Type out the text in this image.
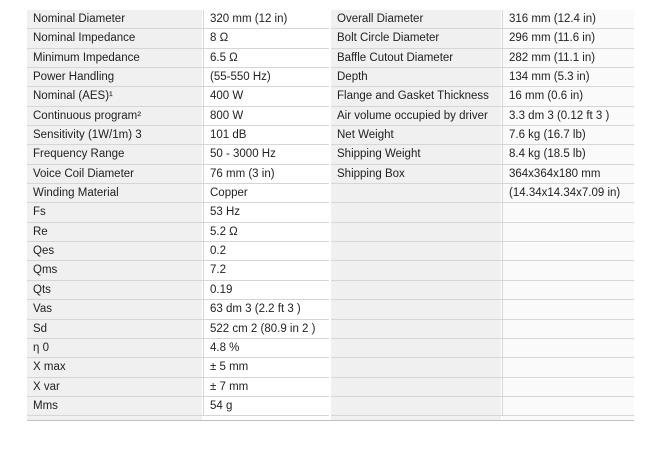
Nominal Diameter	320 mm (12 in)
Nominal Impedance	8 Ω
Minimum Impedance	6.5 Ω
Power Handling	(55-550 Hz)
Nominal (AES)¹	400 W
Continuous program²	800 W
Sensitivity (1W/1m) 3	101 dB
Frequency Range	50 - 3000 Hz
Voice Coil Diameter	76 mm (3 in)
Winding Material	Copper
Fs	53 Hz
Re	5.2 Ω
Qes	0.2
Qms	7.2
Qts	0.19
Vas	63 dm 3 (2.2 ft 3 )
Sd	522 cm 2 (80.9 in 2 )
η 0	4.8 %
X max	± 5 mm
X var	± 7 mm
Mms	54 g
Overall Diameter	316 mm (12.4 in)
Bolt Circle Diameter	296 mm (11.6 in)
Baffle Cutout Diameter	282 mm (11.1 in)
Depth	134 mm (5.3 in)
Flange and Gasket Thickness	16 mm (0.6 in)
Air volume occupied by driver	3.3 dm 3 (0.12 ft 3 )
Net Weight	7.6 kg (16.7 lb)
Shipping Weight	8.4 kg (18.5 lb)
Shipping Box	364x364x180 mm
(14.34x14.34x7.09 in)
